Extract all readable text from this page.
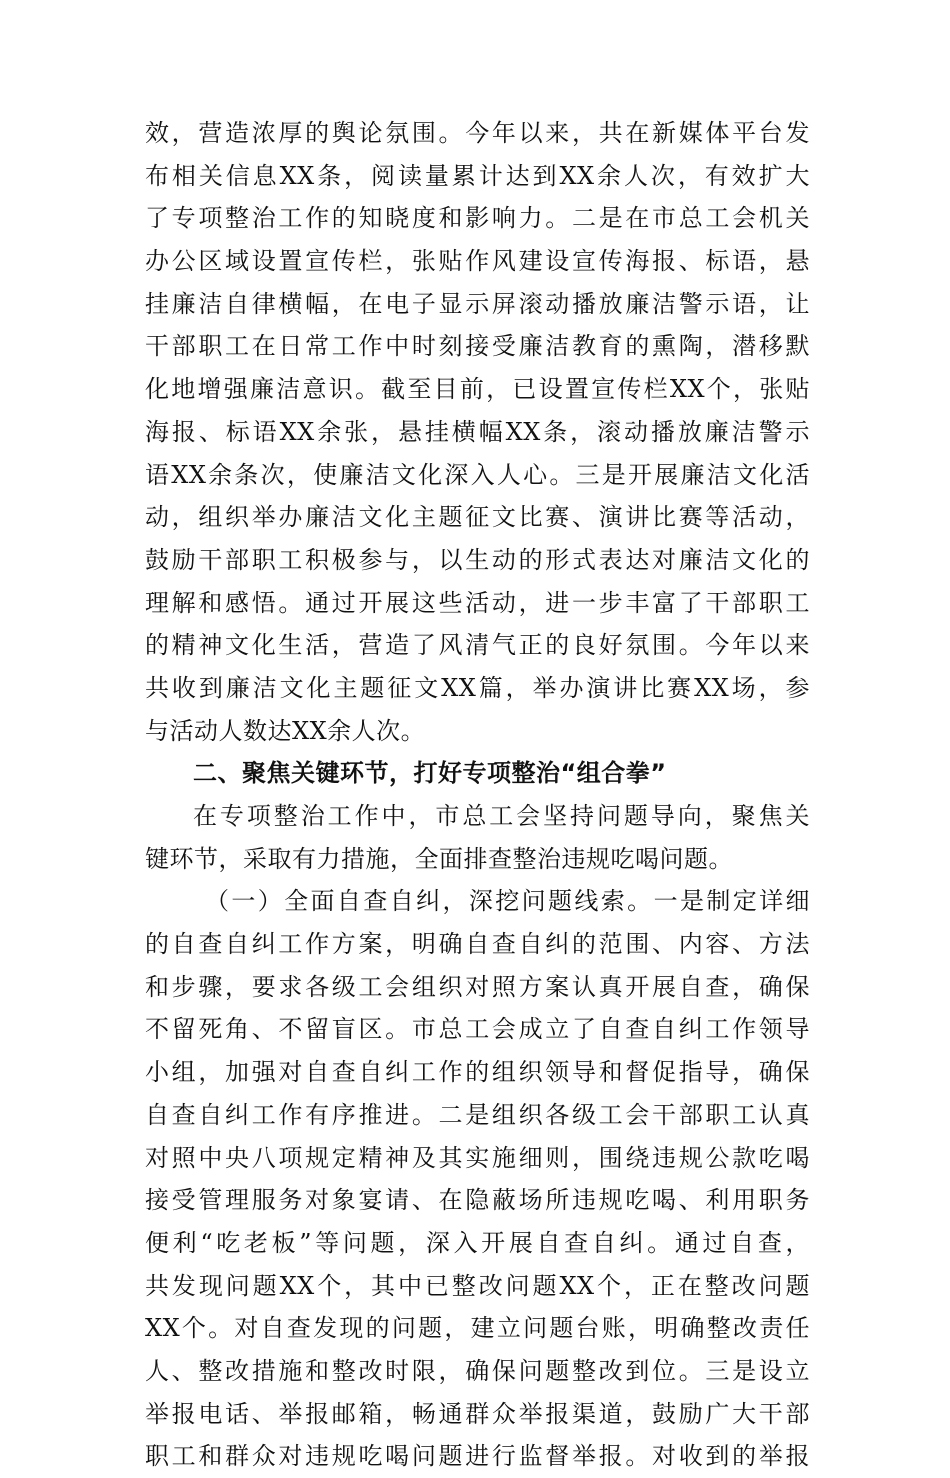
效，营造浓厚的舆论氛围。今年以来，共在新媒体平台发
布相关信息XX条，阅读量累计达到XX余人次，有效扩大
了专项整治工作的知晓度和影响力。二是在市总工会机关
办公区域设置宣传栏，张贴作风建设宣传海报、标语，悬
挂廉洁自律横幅，在电子显示屏滚动播放廉洁警示语，让
干部职工在日常工作中时刻接受廉洁教育的熏陶，潜移默
化地增强廉洁意识。截至目前，已设置宣传栏XX个，张贴
海报、标语XX余张，悬挂横幅XX条，滚动播放廉洁警示
语XX余条次，使廉洁文化深入人心。三是开展廉洁文化活
动，组织举办廉洁文化主题征文比赛、演讲比赛等活动，
鼓励干部职工积极参与，以生动的形式表达对廉洁文化的
理解和感悟。通过开展这些活动，进一步丰富了干部职工
的精神文化生活，营造了风清气正的良好氛围。今年以来
共收到廉洁文化主题征文XX篇，举办演讲比赛XX场，参
与活动人数达XX余人次。
二、聚焦关键环节，打好专项整治“组合拳”
在专项整治工作中，市总工会坚持问题导向，聚焦关
键环节，采取有力措施，全面排查整治违规吃喝问题。
（一）全面自查自纠，深挖问题线索。一是制定详细
的自查自纠工作方案，明确自查自纠的范围、内容、方法
和步骤，要求各级工会组织对照方案认真开展自查，确保
不留死角、不留盲区。市总工会成立了自查自纠工作领导
小组，加强对自查自纠工作的组织领导和督促指导，确保
自查自纠工作有序推进。二是组织各级工会干部职工认真
对照中央八项规定精神及其实施细则，围绕违规公款吃喝
接受管理服务对象宴请、在隐蔽场所违规吃喝、利用职务
便利“吃老板”等问题，深入开展自查自纠。通过自查，
共发现问题XX个，其中已整改问题XX个，正在整改问题
XX个。对自查发现的问题，建立问题台账，明确整改责任
人、整改措施和整改时限，确保问题整改到位。三是设立
举报电话、举报邮箱，畅通群众举报渠道，鼓励广大干部
职工和群众对违规吃喝问题进行监督举报。对收到的举报
